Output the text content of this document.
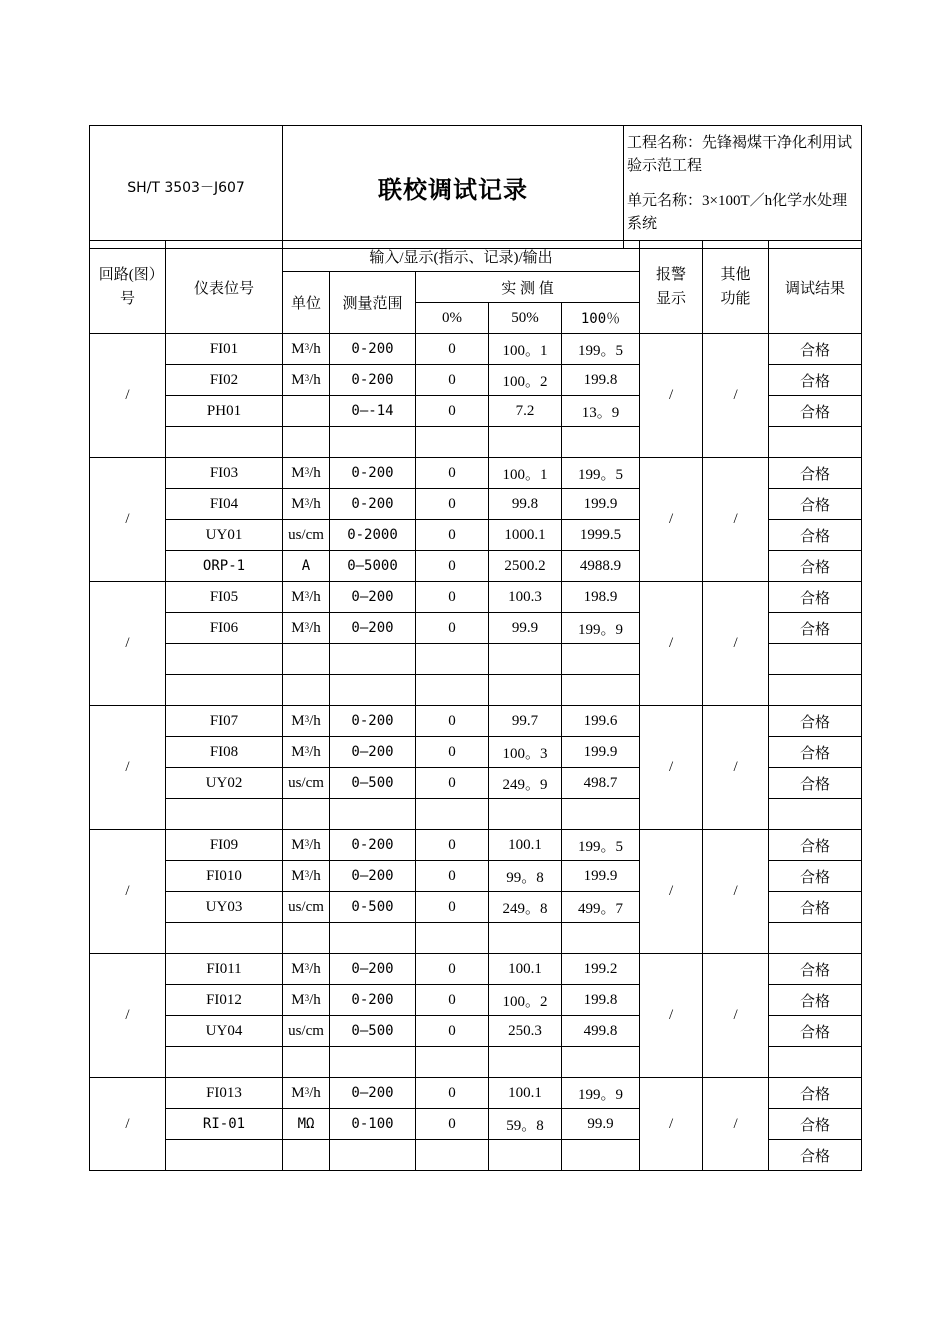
SH/T 3503－J607	联校调试记录	
工程名称：先锋褐煤干净化利用试验示范工程
单元名称：3×100T／h化学水处理系统
回路(图）号	仪表位号	输入/显示(指示、记录)/输出					报警显示	其他功能	调试结果
		单位	测量范围	实 测 值					
				0%	50%	100％			
/	FI01	$M^3/h$	0-200	0	100。1	199。5	/	/	合格
	FI02	$M^3/h$	0-200	0	100。2	199.8			合格
	PH01		0—-14	0	7.2	13。9			合格

/	FI03	$M^3/h$	0-200	0	100。1	199。5	/	/	合格
	FI04	$M^3/h$	0-200	0	99.8	199.9			合格
	UY01	us/cm	0-2000	0	1000.1	1999.5			合格
	ORP-1	A	0—5000	0	2500.2	4988.9			合格
/	FI05	$M^3/h$	0—200	0	100.3	198.9	/	/	合格
	FI06	$M^3/h$	0—200	0	99.9	199。9			合格

/	FI07	$M^3/h$	0-200	0	99.7	199.6	/	/	合格
	FI08	$M^3/h$	0—200	0	100。3	199.9			合格
	UY02	us/cm	0—500	0	249。9	498.7			合格

/	FI09	$M^3/h$	0-200	0	100.1	199。5	/	/	合格
	FI010	$M^3/h$	0—200	0	99。8	199.9			合格
	UY03	us/cm	0-500	0	249。8	499。7			合格

/	FI011	$M^3/h$	0—200	0	100.1	199.2	/	/	合格
	FI012	$M^3/h$	0-200	0	100。2	199.8			合格
	UY04	us/cm	0—500	0	250.3	499.8			合格

/	FI013	$M^3/h$	0—200	0	100.1	199。9	/	/	合格
	RI-01	MΩ	0-100	0	59。8	99.9			合格
									合格
